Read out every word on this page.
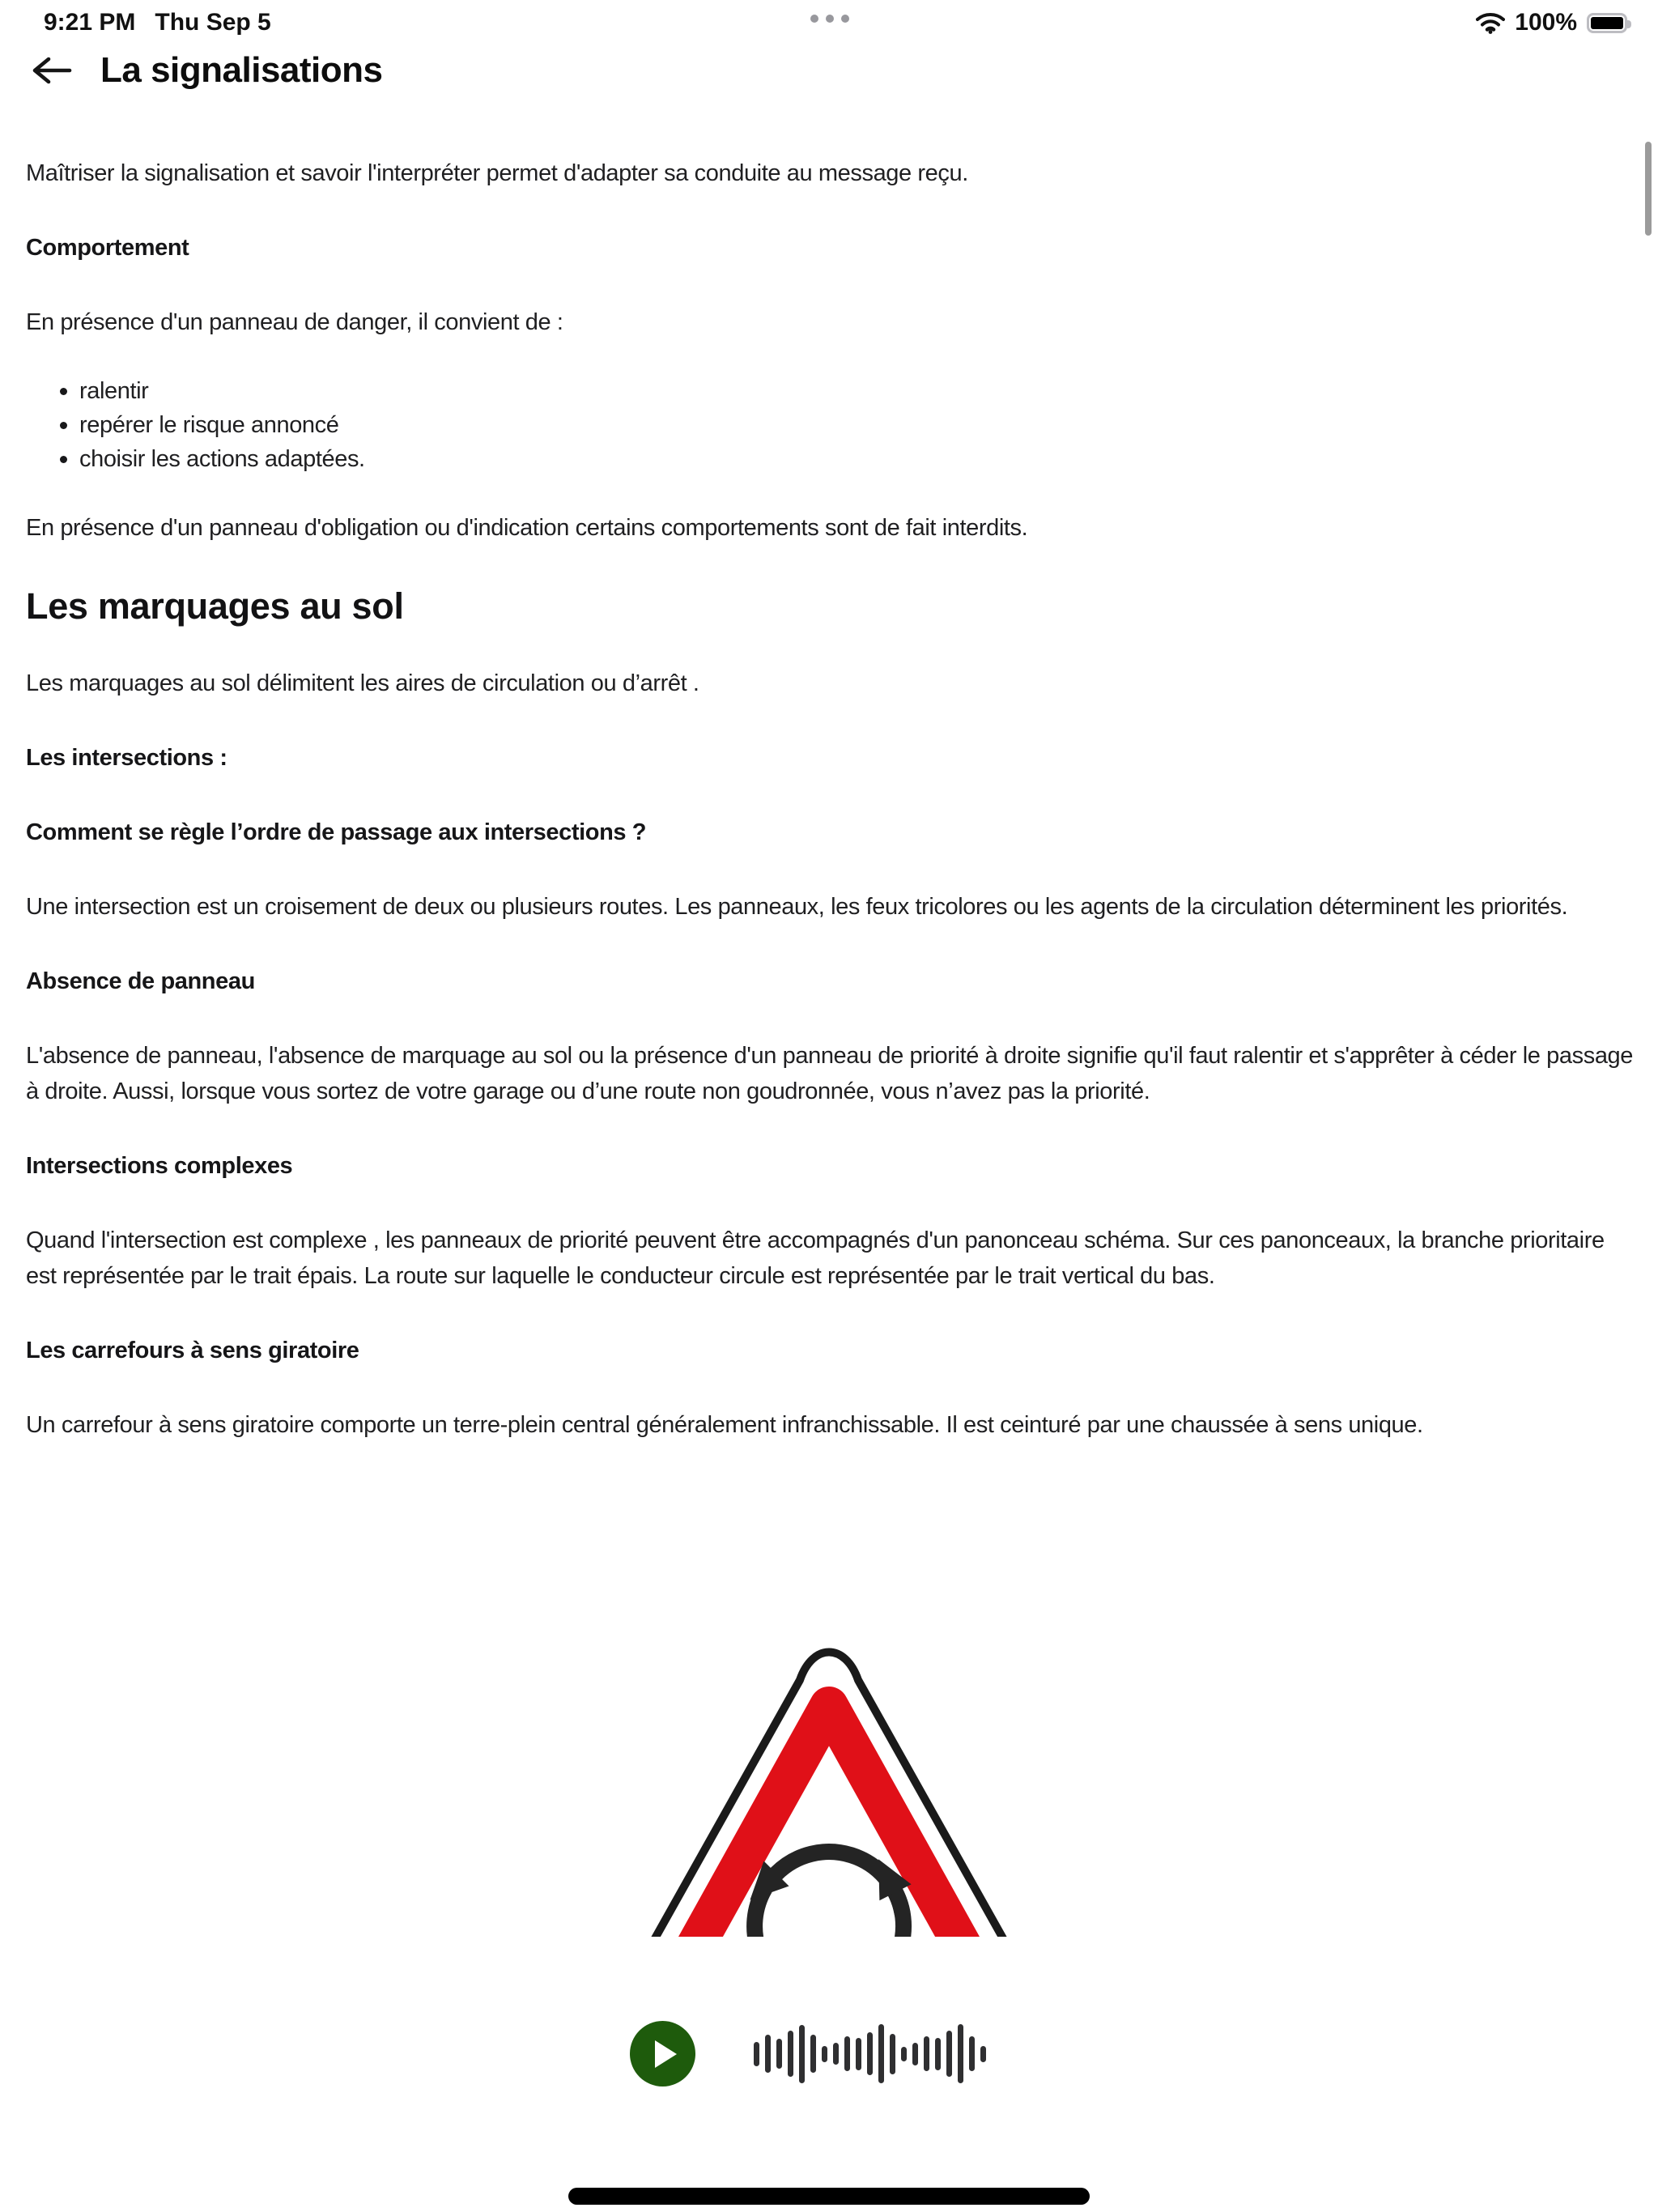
9:21 PM Thu Sep 5	100%
La signalisations

Maîtriser la signalisation et savoir l'interpréter permet d'adapter sa conduite au message reçu.

Comportement

En présence d'un panneau de danger, il convient de :

ralentir
repérer le risque annoncé
choisir les actions adaptées.

En présence d'un panneau d'obligation ou d'indication certains comportements sont de fait interdits.

Les marquages au sol

Les marquages au sol délimitent les aires de circulation ou d’arrêt .

Les intersections :
Comment se règle l’ordre de passage aux intersections ?

Une intersection est un croisement de deux ou plusieurs routes. Les panneaux, les feux tricolores ou les agents de la circulation déterminent les priorités.

Absence de panneau

L'absence de panneau, l'absence de marquage au sol ou la présence d'un panneau de priorité à droite signifie qu'il faut ralentir et s'apprêter à céder le passage à droite. Aussi, lorsque vous sortez de votre garage ou d’une route non goudronnée, vous n’avez pas la priorité.

Intersections complexes

Quand l'intersection est complexe , les panneaux de priorité peuvent être accompagnés d'un panonceau schéma. Sur ces panonceaux, la branche prioritaire est représentée par le trait épais. La route sur laquelle le conducteur circule est représentée par le trait vertical du bas.

Les carrefours à sens giratoire

Un carrefour à sens giratoire comporte un terre-plein central généralement infranchissable. Il est ceinturé par une chaussée à sens unique.
